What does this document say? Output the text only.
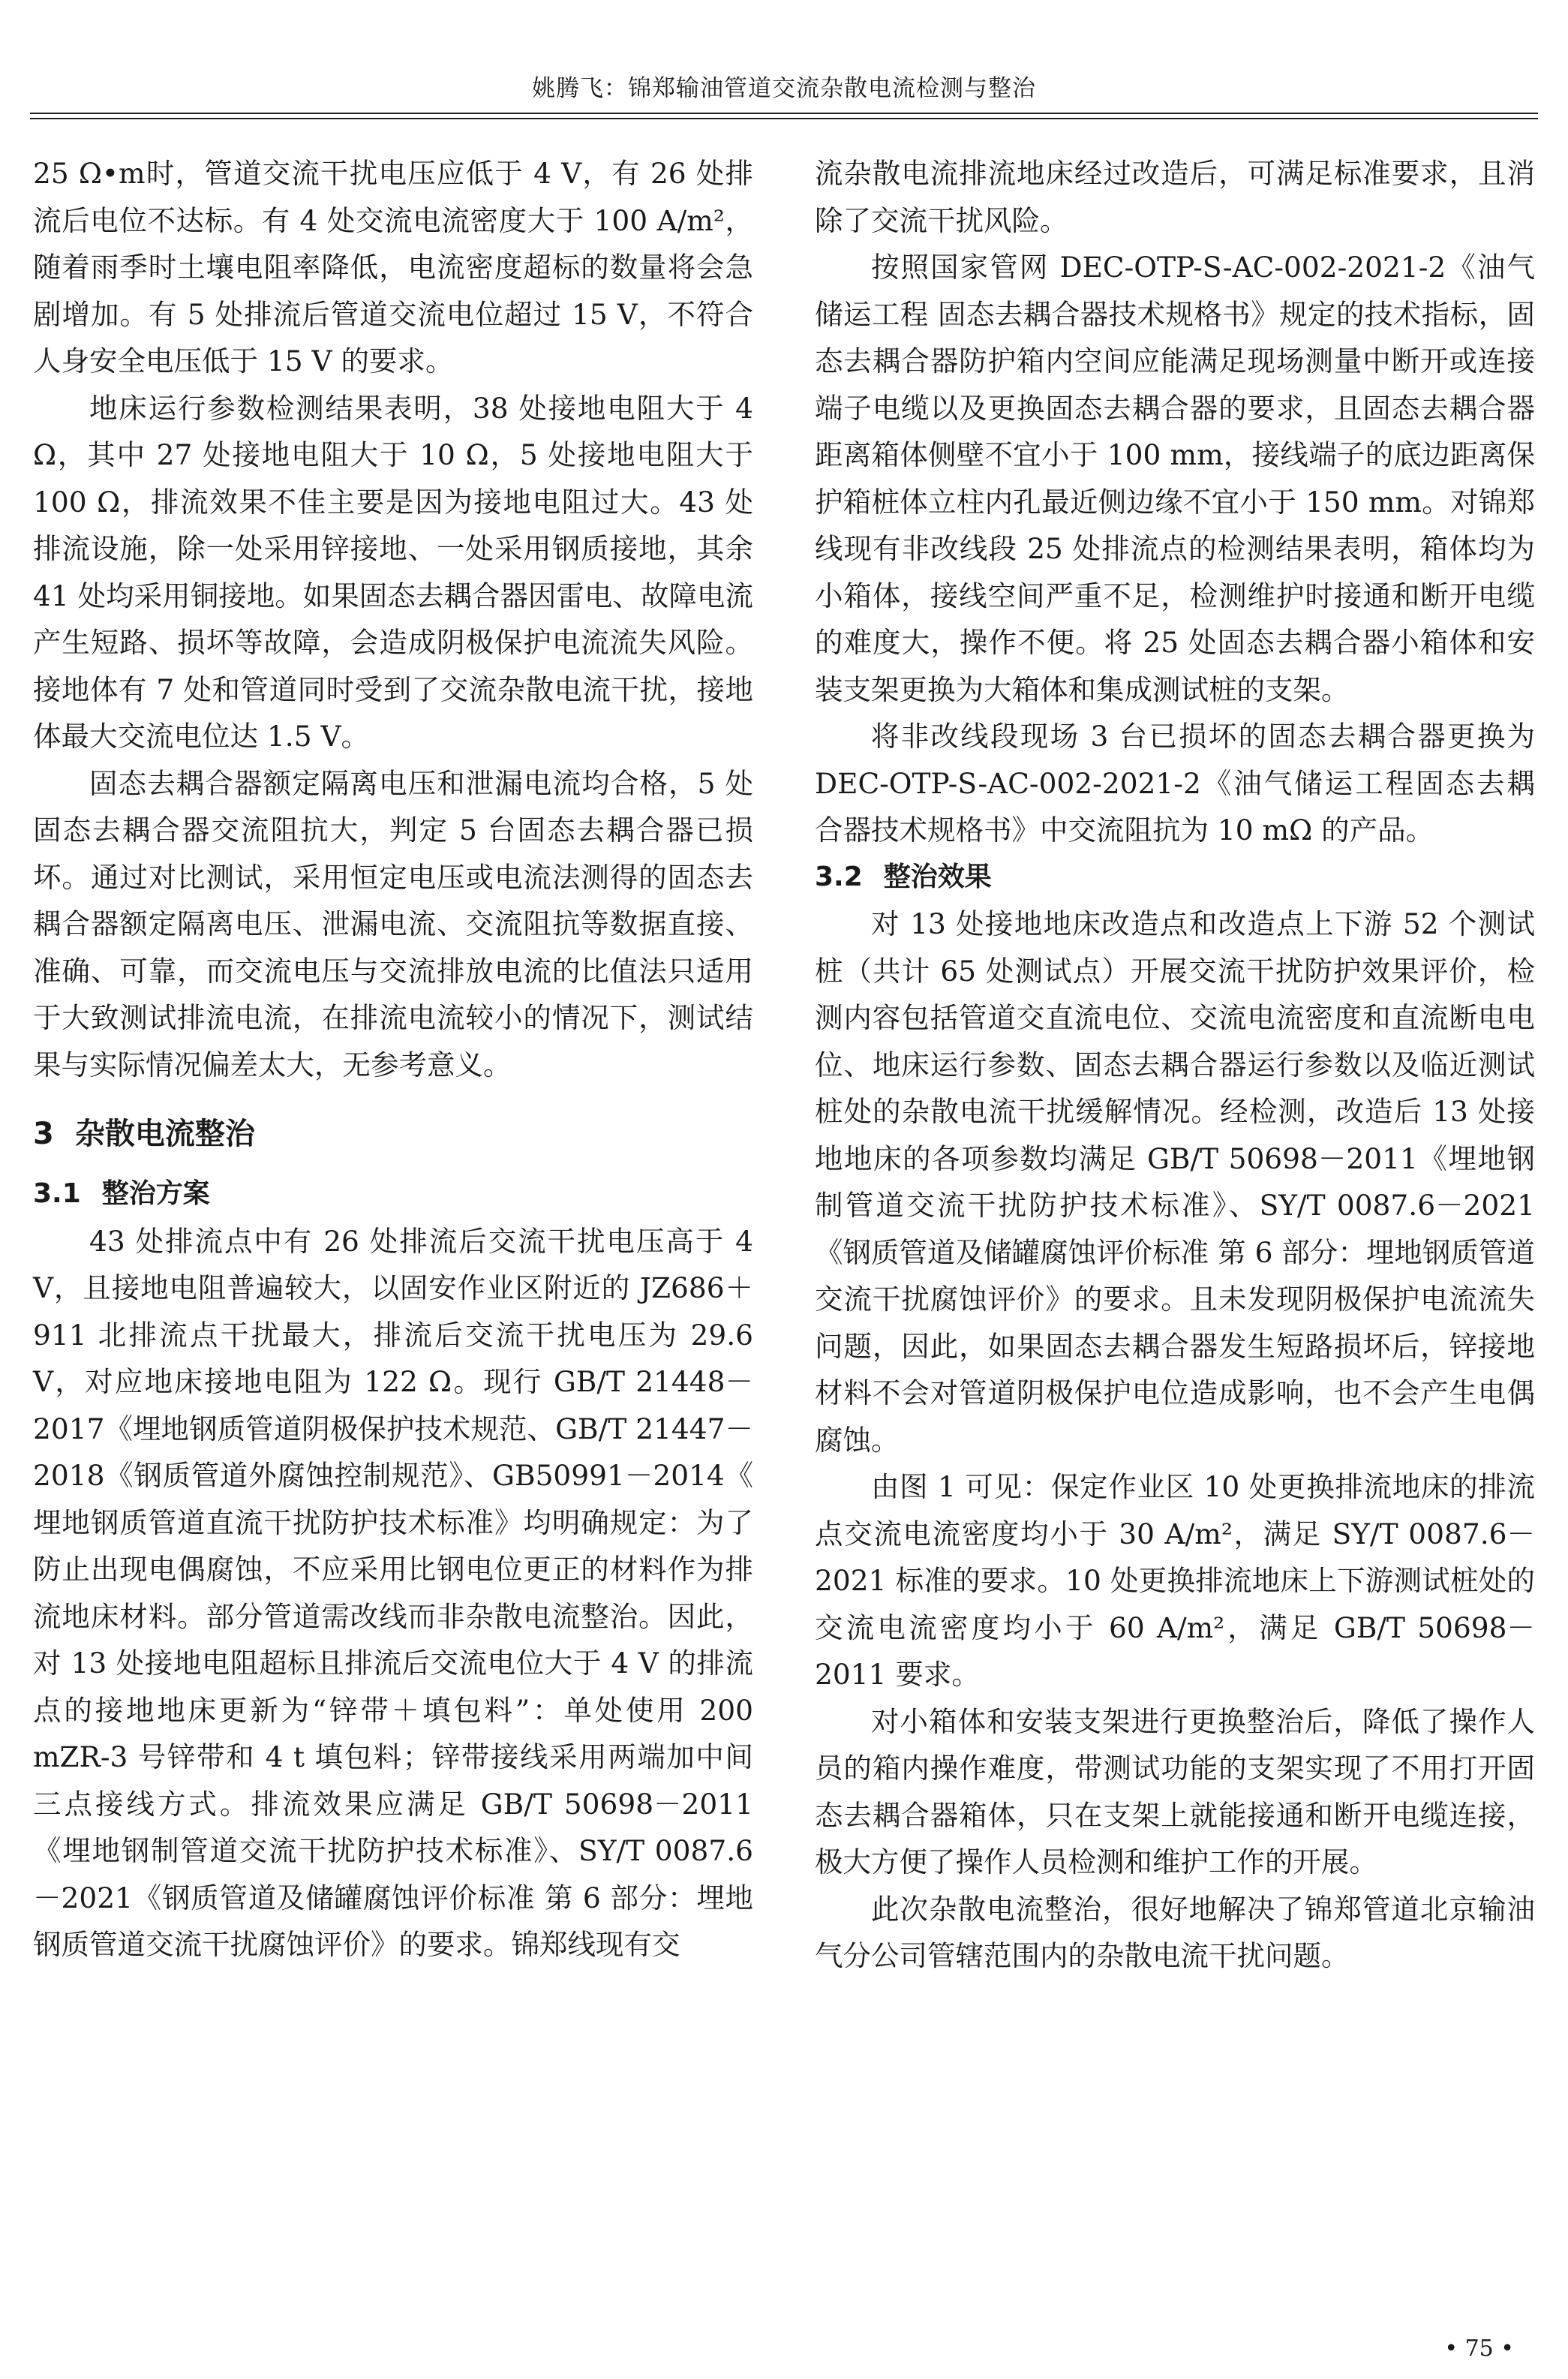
姚腾飞：锦郑输油管道交流杂散电流检测与整治

25 Ω•m时，管道交流干扰电压应低于 4 V，有 26 处排流后电位不达标。有 4 处交流电流密度大于 100 A/m²，随着雨季时土壤电阻率降低，电流密度超标的数量将会急剧增加。有 5 处排流后管道交流电位超过 15 V，不符合人身安全电压低于 15 V 的要求。

地床运行参数检测结果表明，38 处接地电阻大于 4 Ω，其中 27 处接地电阻大于 10 Ω，5 处接地电阻大于 100 Ω，排流效果不佳主要是因为接地电阻过大。43 处排流设施，除一处采用锌接地、一处采用钢质接地，其余 41 处均采用铜接地。如果固态去耦合器因雷电、故障电流产生短路、损坏等故障，会造成阴极保护电流流失风险。接地体有 7 处和管道同时受到了交流杂散电流干扰，接地体最大交流电位达 1.5 V。

固态去耦合器额定隔离电压和泄漏电流均合格，5 处固态去耦合器交流阻抗大，判定 5 台固态去耦合器已损坏。通过对比测试，采用恒定电压或电流法测得的固态去耦合器额定隔离电压、泄漏电流、交流阻抗等数据直接、准确、可靠，而交流电压与交流排放电流的比值法只适用于大致测试排流电流，在排流电流较小的情况下，测试结果与实际情况偏差太大，无参考意义。

3 杂散电流整治
3.1 整治方案

43 处排流点中有 26 处排流后交流干扰电压高于 4 V，且接地电阻普遍较大，以固安作业区附近的 JZ686＋911 北排流点干扰最大，排流后交流干扰电压为 29.6 V，对应地床接地电阻为 122 Ω。现行 GB/T 21448－2017《埋地钢质管道阴极保护技术规范、GB/T 21447－2018《钢质管道外腐蚀控制规范》、GB50991－2014《 埋地钢质管道直流干扰防护技术标准》均明确规定：为了防止出现电偶腐蚀，不应采用比钢电位更正的材料作为排流地床材料。部分管道需改线而非杂散电流整治。因此，对 13 处接地电阻超标且排流后交流电位大于 4 V 的排流点的接地地床更新为“锌带＋填包料”：单处使用 200 mZR-3 号锌带和 4 t 填包料；锌带接线采用两端加中间三点接线方式。排流效果应满足 GB/T 50698－2011《埋地钢制管道交流干扰防护技术标准》、SY/T 0087.6－2021《钢质管道及储罐腐蚀评价标准 第 6 部分：埋地钢质管道交流干扰腐蚀评价》的要求。锦郑线现有交

流杂散电流排流地床经过改造后，可满足标准要求，且消除了交流干扰风险。

按照国家管网 DEC-OTP-S-AC-002-2021-2《油气储运工程 固态去耦合器技术规格书》规定的技术指标，固态去耦合器防护箱内空间应能满足现场测量中断开或连接端子电缆以及更换固态去耦合器的要求，且固态去耦合器距离箱体侧壁不宜小于 100 mm，接线端子的底边距离保护箱桩体立柱内孔最近侧边缘不宜小于 150 mm。对锦郑线现有非改线段 25 处排流点的检测结果表明，箱体均为小箱体，接线空间严重不足，检测维护时接通和断开电缆的难度大，操作不便。将 25 处固态去耦合器小箱体和安装支架更换为大箱体和集成测试桩的支架。

将非改线段现场 3 台已损坏的固态去耦合器更换为 DEC-OTP-S-AC-002-2021-2《油气储运工程固态去耦合器技术规格书》中交流阻抗为 10 mΩ 的产品。

3.2 整治效果

对 13 处接地地床改造点和改造点上下游 52 个测试桩（共计 65 处测试点）开展交流干扰防护效果评价，检测内容包括管道交直流电位、交流电流密度和直流断电电位、地床运行参数、固态去耦合器运行参数以及临近测试桩处的杂散电流干扰缓解情况。经检测，改造后 13 处接地地床的各项参数均满足 GB/T 50698－2011《埋地钢制管道交流干扰防护技术标准》、SY/T 0087.6－2021《钢质管道及储罐腐蚀评价标准 第 6 部分：埋地钢质管道交流干扰腐蚀评价》的要求。且未发现阴极保护电流流失问题，因此，如果固态去耦合器发生短路损坏后，锌接地材料不会对管道阴极保护电位造成影响，也不会产生电偶腐蚀。

由图 1 可见：保定作业区 10 处更换排流地床的排流点交流电流密度均小于 30 A/m²，满足 SY/T 0087.6－2021 标准的要求。10 处更换排流地床上下游测试桩处的交流电流密度均小于 60 A/m²，满足 GB/T 50698－2011 要求。

对小箱体和安装支架进行更换整治后，降低了操作人员的箱内操作难度，带测试功能的支架实现了不用打开固态去耦合器箱体，只在支架上就能接通和断开电缆连接，极大方便了操作人员检测和维护工作的开展。

此次杂散电流整治，很好地解决了锦郑管道北京输油气分公司管辖范围内的杂散电流干扰问题。

• 75 •
